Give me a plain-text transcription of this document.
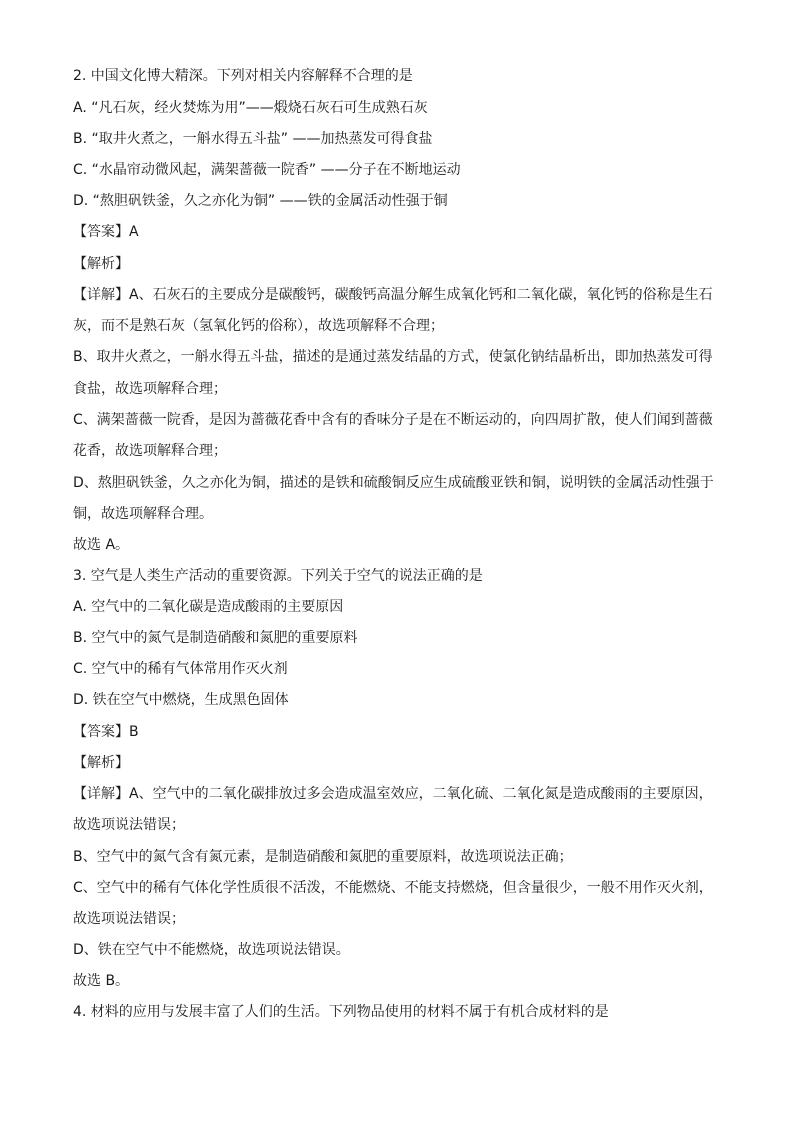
2. 中国文化博大精深。下列对相关内容解释不合理的是
A. “凡石灰，经火焚炼为用”——煅烧石灰石可生成熟石灰
B. “取井火煮之，一斛水得五斗盐” ——加热蒸发可得食盐
C. “水晶帘动微风起，满架蔷薇一院香” ——分子在不断地运动
D. “熬胆矾铁釜，久之亦化为铜” ——铁的金属活动性强于铜
【答案】A
【解析】
【详解】A、石灰石的主要成分是碳酸钙，碳酸钙高温分解生成氧化钙和二氧化碳，氧化钙的俗称是生石
灰，而不是熟石灰（氢氧化钙的俗称），故选项解释不合理；
B、取井火煮之，一斛水得五斗盐，描述的是通过蒸发结晶的方式，使氯化钠结晶析出，即加热蒸发可得
食盐，故选项解释合理；
C、满架蔷薇一院香，是因为蔷薇花香中含有的香味分子是在不断运动的，向四周扩散，使人们闻到蔷薇
花香，故选项解释合理；
D、熬胆矾铁釜，久之亦化为铜，描述的是铁和硫酸铜反应生成硫酸亚铁和铜，说明铁的金属活动性强于
铜，故选项解释合理。
故选 A。
3. 空气是人类生产活动的重要资源。下列关于空气的说法正确的是
A. 空气中的二氧化碳是造成酸雨的主要原因
B. 空气中的氮气是制造硝酸和氮肥的重要原料
C. 空气中的稀有气体常用作灭火剂
D. 铁在空气中燃烧，生成黑色固体
【答案】B
【解析】
【详解】A、空气中的二氧化碳排放过多会造成温室效应，二氧化硫、二氧化氮是造成酸雨的主要原因，
故选项说法错误；
B、空气中的氮气含有氮元素，是制造硝酸和氮肥的重要原料，故选项说法正确；
C、空气中的稀有气体化学性质很不活泼，不能燃烧、不能支持燃烧，但含量很少，一般不用作灭火剂，
故选项说法错误；
D、铁在空气中不能燃烧，故选项说法错误。
故选 B。
4. 材料的应用与发展丰富了人们的生活。下列物品使用的材料不属于有机合成材料的是
